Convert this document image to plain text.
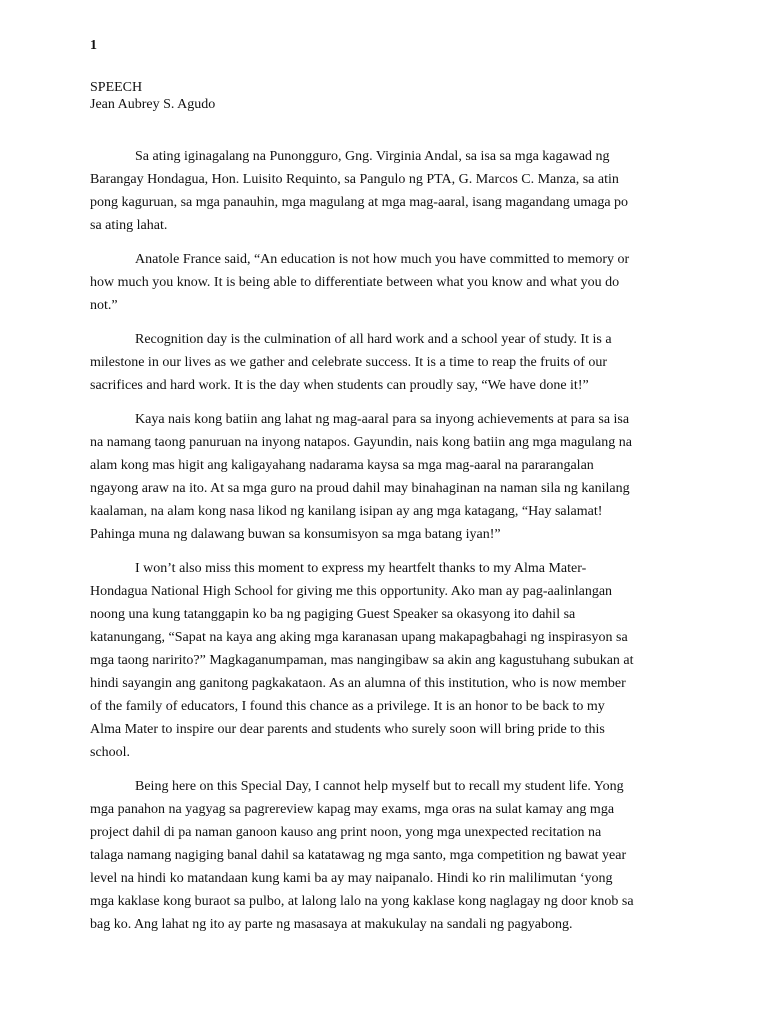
1
SPEECH
Jean Aubrey S. Agudo

Sa ating iginagalang na Punongguro, Gng. Virginia Andal, sa isa sa mga kagawad ng
Barangay Hondagua, Hon. Luisito Requinto, sa Pangulo ng PTA, G. Marcos C. Manza, sa atin
pong kaguruan, sa mga panauhin, mga magulang at mga mag-aaral, isang magandang umaga po
sa ating lahat.

Anatole France said, “An education is not how much you have committed to memory or
how much you know. It is being able to differentiate between what you know and what you do
not.”

Recognition day is the culmination of all hard work and a school year of study. It is a
milestone in our lives as we gather and celebrate success. It is a time to reap the fruits of our
sacrifices and hard work. It is the day when students can proudly say, “We have done it!”

Kaya nais kong batiin ang lahat ng mag-aaral para sa inyong achievements at para sa isa
na namang taong panuruan na inyong natapos. Gayundin, nais kong batiin ang mga magulang na
alam kong mas higit ang kaligayahang nadarama kaysa sa mga mag-aaral na pararangalan
ngayong araw na ito. At sa mga guro na proud dahil may binahaginan na naman sila ng kanilang
kaalaman, na alam kong nasa likod ng kanilang isipan ay ang mga katagang, “Hay salamat!
Pahinga muna ng dalawang buwan sa konsumisyon sa mga batang iyan!”

I won’t also miss this moment to express my heartfelt thanks to my Alma Mater-
Hondagua National High School for giving me this opportunity. Ako man ay pag-aalinlangan
noong una kung tatanggapin ko ba ng pagiging Guest Speaker sa okasyong ito dahil sa
katanungang, “Sapat na kaya ang aking mga karanasan upang makapagbahagi ng inspirasyon sa
mga taong naririto?” Magkaganumpaman, mas nangingibaw sa akin ang kagustuhang subukan at
hindi sayangin ang ganitong pagkakataon. As an alumna of this institution, who is now member
of the family of educators, I found this chance as a privilege. It is an honor to be back to my
Alma Mater to inspire our dear parents and students who surely soon will bring pride to this
school.

Being here on this Special Day, I cannot help myself but to recall my student life. Yong
mga panahon na yagyag sa pagrereview kapag may exams, mga oras na sulat kamay ang mga
project dahil di pa naman ganoon kauso ang print noon, yong mga unexpected recitation na
talaga namang nagiging banal dahil sa katatawag ng mga santo, mga competition ng bawat year
level na hindi ko matandaan kung kami ba ay may naipanalo. Hindi ko rin malilimutan ‘yong
mga kaklase kong buraot sa pulbo, at lalong lalo na yong kaklase kong naglagay ng door knob sa
bag ko. Ang lahat ng ito ay parte ng masasaya at makukulay na sandali ng pagyabong.
